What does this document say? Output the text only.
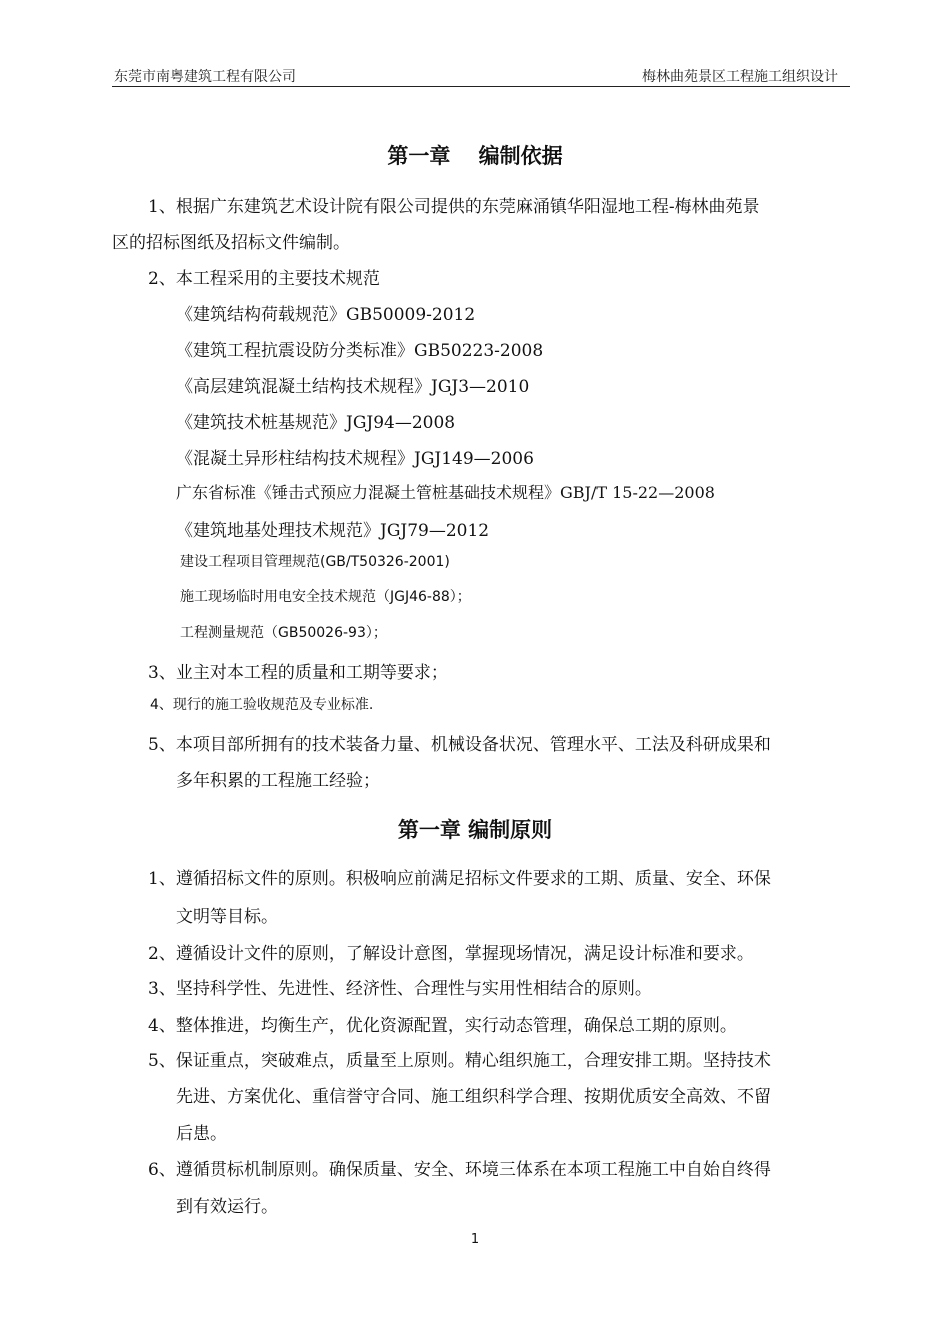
东莞市南粤建筑工程有限公司	梅林曲苑景区工程施工组织设计
第一章　 编制依据
1、根据广东建筑艺术设计院有限公司提供的东莞麻涌镇华阳湿地工程-梅林曲苑景
区的招标图纸及招标文件编制。
2、本工程采用的主要技术规范
《建筑结构荷载规范》GB50009-2012
《建筑工程抗震设防分类标准》GB50223-2008
《高层建筑混凝土结构技术规程》JGJ3—2010
《建筑技术桩基规范》JGJ94—2008
《混凝土异形柱结构技术规程》JGJ149—2006
广东省标准《锤击式预应力混凝土管桩基础技术规程》GBJ/T 15-22—2008
《建筑地基处理技术规范》JGJ79—2012
建设工程项目管理规范(GB/T50326-2001)
施工现场临时用电安全技术规范（JGJ46-88）；
工程测量规范（GB50026-93）；
3、业主对本工程的质量和工期等要求；
4、现行的施工验收规范及专业标准.
5、本项目部所拥有的技术装备力量、机械设备状况、管理水平、工法及科研成果和
多年积累的工程施工经验；
第一章 编制原则
1、遵循招标文件的原则。积极响应前满足招标文件要求的工期、质量、安全、环保
文明等目标。
2、遵循设计文件的原则，了解设计意图，掌握现场情况，满足设计标准和要求。
3、坚持科学性、先进性、经济性、合理性与实用性相结合的原则。
4、整体推进，均衡生产，优化资源配置，实行动态管理，确保总工期的原则。
5、保证重点，突破难点，质量至上原则。精心组织施工，合理安排工期。坚持技术
先进、方案优化、重信誉守合同、施工组织科学合理、按期优质安全高效、不留
后患。
6、遵循贯标机制原则。确保质量、安全、环境三体系在本项工程施工中自始自终得
到有效运行。
1
